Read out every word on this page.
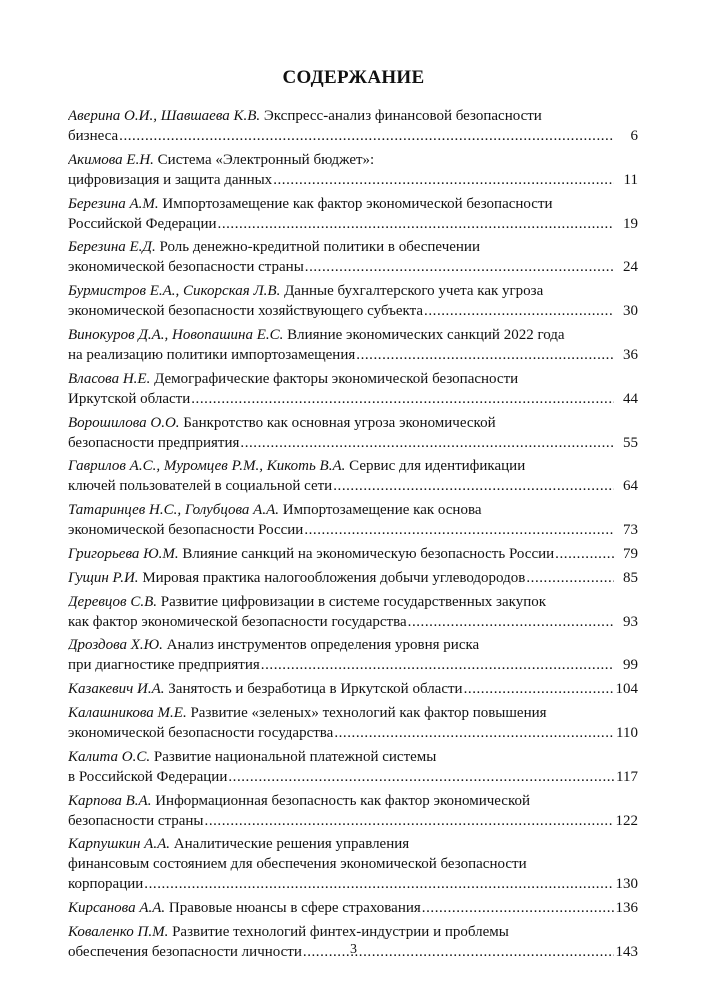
СОДЕРЖАНИЕ
Аверина О.И., Шавшаева К.В. Экспресс-анализ финансовой безопасности
бизнеса . . .	6
Акимова Е.Н. Система «Электронный бюджет»:
цифровизация и защита данных . . .	11
Березина А.М. Импортозамещение как фактор экономической безопасности
Российской Федерации . . .	19
Березина Е.Д. Роль денежно-кредитной политики в обеспечении
экономической безопасности страны . . .	24
Бурмистров Е.А., Сикорская Л.В. Данные бухгалтерского учета как угроза
экономической безопасности хозяйствующего субъекта . . .	30
Винокуров Д.А., Новопашина Е.С. Влияние экономических санкций 2022 года
на реализацию политики импортозамещения . . .	36
Власова Н.Е. Демографические факторы экономической безопасности
Иркутской области . . .	44
Ворошилова О.О. Банкротство как основная угроза экономической
безопасности предприятия . . .	55
Гаврилов А.С., Муромцев Р.М., Кикоть В.А. Сервис для идентификации
ключей пользователей в социальной сети . . .	64
Татаринцев Н.С., Голубцова А.А. Импортозамещение как основа
экономической безопасности России . . .	73
Григорьева Ю.М. Влияние санкций на экономическую безопасность России . . .	79
Гущин Р.И. Мировая практика налогообложения добычи углеводородов . . .	85
Деревцов С.В. Развитие цифровизации в системе государственных закупок
как фактор экономической безопасности государства . . .	93
Дроздова Х.Ю. Анализ инструментов определения уровня риска
при диагностике предприятия . . .	99
Казакевич И.А. Занятость и безработица в Иркутской области . . .	104
Калашникова М.Е. Развитие «зеленых» технологий как фактор повышения
экономической безопасности государства . . .	110
Калита О.С. Развитие национальной платежной системы
в Российской Федерации . . .	117
Карпова В.А. Информационная безопасность как фактор экономической
безопасности страны . . .	122
Карпушкин А.А. Аналитические решения управления
финансовым состоянием для обеспечения экономической безопасности
корпорации . . .	130
Кирсанова А.А. Правовые нюансы в сфере страхования . . .	136
Коваленко П.М. Развитие технологий финтех-индустрии и проблемы
обеспечения безопасности личности . . .	143
3
